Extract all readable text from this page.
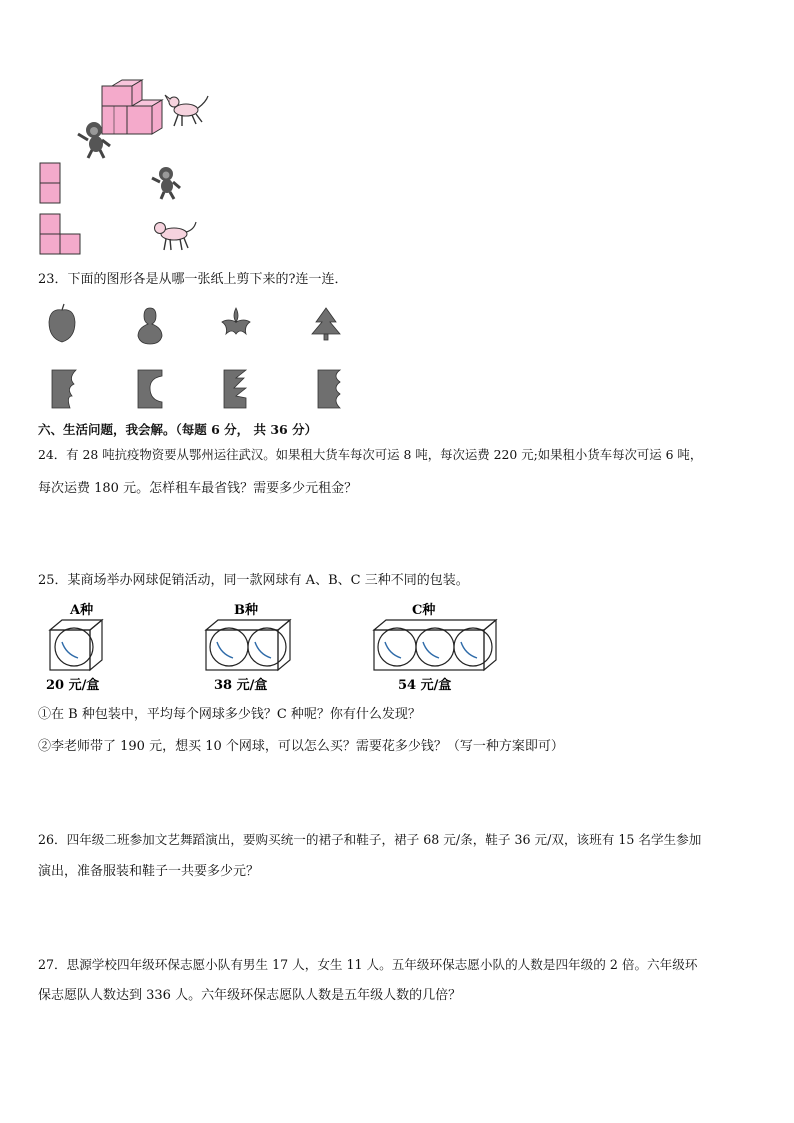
23．下面的图形各是从哪一张纸上剪下来的?连一连．
六、生活问题，我会解。（每题 6 分， 共 36 分）
24．有 28 吨抗疫物资要从鄂州运往武汉。如果租大货车每次可运 8 吨，每次运费 220 元;如果租小货车每次可运 6 吨，
每次运费 180 元。怎样租车最省钱？需要多少元租金？
25．某商场举办网球促销活动，同一款网球有 A、B、C 三种不同的包装。
A种
20 元/盒
B种
38 元/盒
C种
54 元/盒
①在 B 种包装中，平均每个网球多少钱？C 种呢？你有什么发现？
②李老师带了 190 元，想买 10 个网球，可以怎么买？需要花多少钱？（写一种方案即可）
26．四年级二班参加文艺舞蹈演出，要购买统一的裙子和鞋子，裙子 68 元/条，鞋子 36 元/双，该班有 15 名学生参加
演出，准备服装和鞋子一共要多少元？
27．思源学校四年级环保志愿小队有男生 17 人，女生 11 人。五年级环保志愿小队的人数是四年级的 2 倍。六年级环
保志愿队人数达到 336 人。六年级环保志愿队人数是五年级人数的几倍？
